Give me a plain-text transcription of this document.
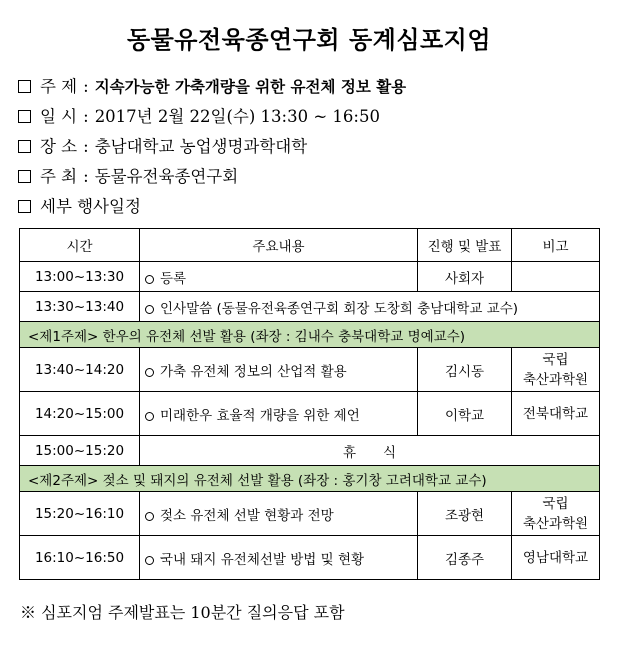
동물유전육종연구회 동계심포지엄
주 제 : 지속가능한 가축개량을 위한 유전체 정보 활용
일 시 : 2017년 2월 22일(수) 13:30 ~ 16:50
장 소 : 충남대학교 농업생명과학대학
주 최 : 동물유전육종연구회
세부 행사일정
시간	주요내용	진행 및 발표	비고
13:00~13:30	등록	사회자	
13:30~13:40	인사말씀 (동물유전육종연구회 회장 도창희 충남대학교 교수)		
<제1주제> 한우의 유전체 선발 활용 (좌장 : 김내수 충북대학교 명예교수)			
13:40~14:20	가축 유전체 정보의 산업적 활용	김시동	국립
축산과학원
14:20~15:00	미래한우 효율적 개량을 위한 제언	이학교	전북대학교
15:00~15:20	휴　　식		
<제2주제> 젖소 및 돼지의 유전체 선발 활용 (좌장 : 홍기창 고려대학교 교수)			
15:20~16:10	젖소 유전체 선발 현황과 전망	조광현	국립
축산과학원
16:10~16:50	국내 돼지 유전체선발 방법 및 현황	김종주	영남대학교
※ 심포지엄 주제발표는 10분간 질의응답 포함
